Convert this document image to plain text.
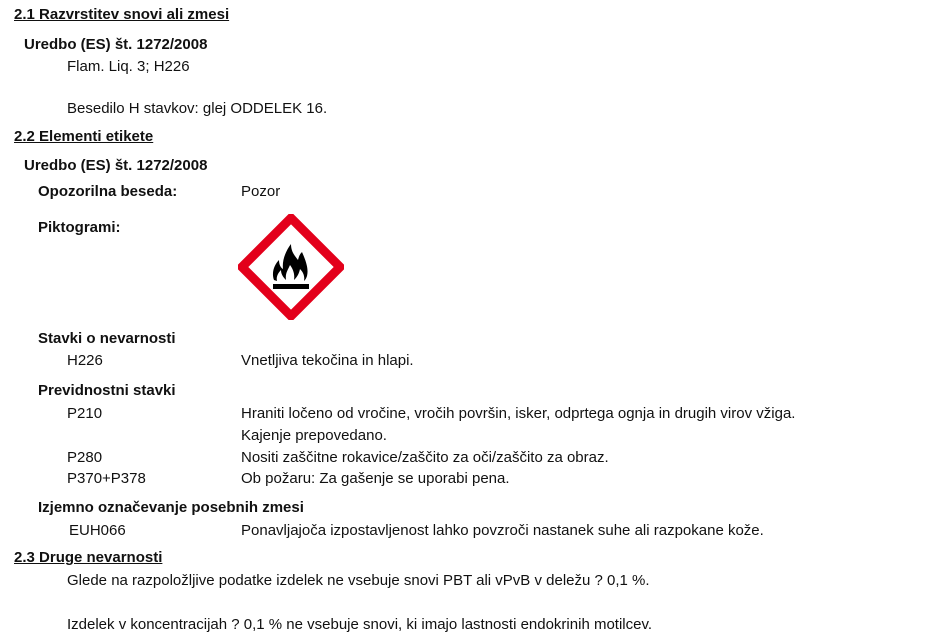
2.1 Razvrstitev snovi ali zmesi
Uredbo (ES) št. 1272/2008
Flam. Liq. 3; H226
Besedilo H stavkov: glej ODDELEK 16.
2.2 Elementi etikete
Uredbo (ES) št. 1272/2008
Opozorilna beseda:	Pozor
Piktogrami:
Stavki o nevarnosti
H226	Vnetljiva tekočina in hlapi.
Previdnostni stavki
P210	Hraniti ločeno od vročine, vročih površin, isker, odprtega ognja in drugih virov vžiga.
Kajenje prepovedano.
P280	Nositi zaščitne rokavice/zaščito za oči/zaščito za obraz.
P370+P378	Ob požaru: Za gašenje se uporabi pena.
Izjemno označevanje posebnih zmesi
EUH066	Ponavljajoča izpostavljenost lahko povzroči nastanek suhe ali razpokane kože.
2.3 Druge nevarnosti
Glede na razpoložljive podatke izdelek ne vsebuje snovi PBT ali vPvB v deležu ? 0,1 %.
Izdelek v koncentracijah ? 0,1 % ne vsebuje snovi, ki imajo lastnosti endokrinih motilcev.
